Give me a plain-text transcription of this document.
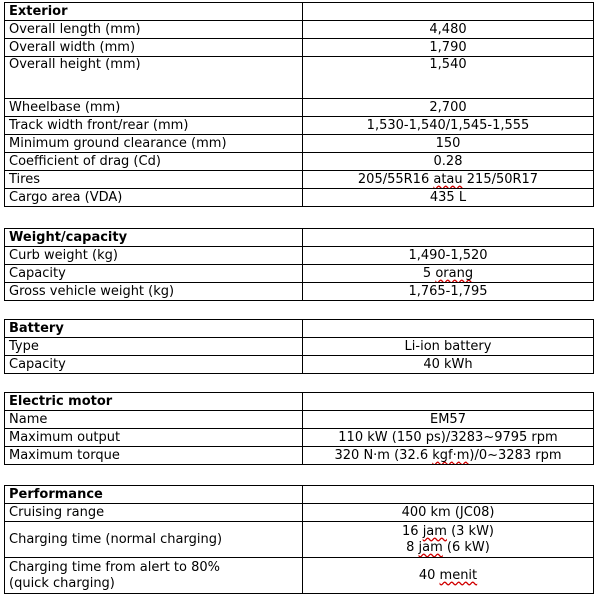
Exterior	
Overall length (mm)	4,480
Overall width (mm)	1,790
Overall height (mm)	1,540
Wheelbase (mm)	2,700
Track width front/rear (mm)	1,530-1,540/1,545-1,555
Minimum ground clearance (mm)	150
Coefficient of drag (Cd)	0.28
Tires	205/55R16 atau 215/50R17
Cargo area (VDA)	435 L
Weight/capacity	
Curb weight (kg)	1,490-1,520
Capacity	5 orang
Gross vehicle weight (kg)	1,765-1,795
Battery	
Type	Li-ion battery
Capacity	40 kWh
Electric motor	
Name	EM57
Maximum output	110 kW (150 ps)/3283~9795 rpm
Maximum torque	320 N·m (32.6 kgf·m)/0~3283 rpm
Performance	
Cruising range	400 km (JC08)
Charging time (normal charging)	16 jam (3 kW)
8 jam (6 kW)

Charging time from alert to 80%
(quick charging)	40 menit
